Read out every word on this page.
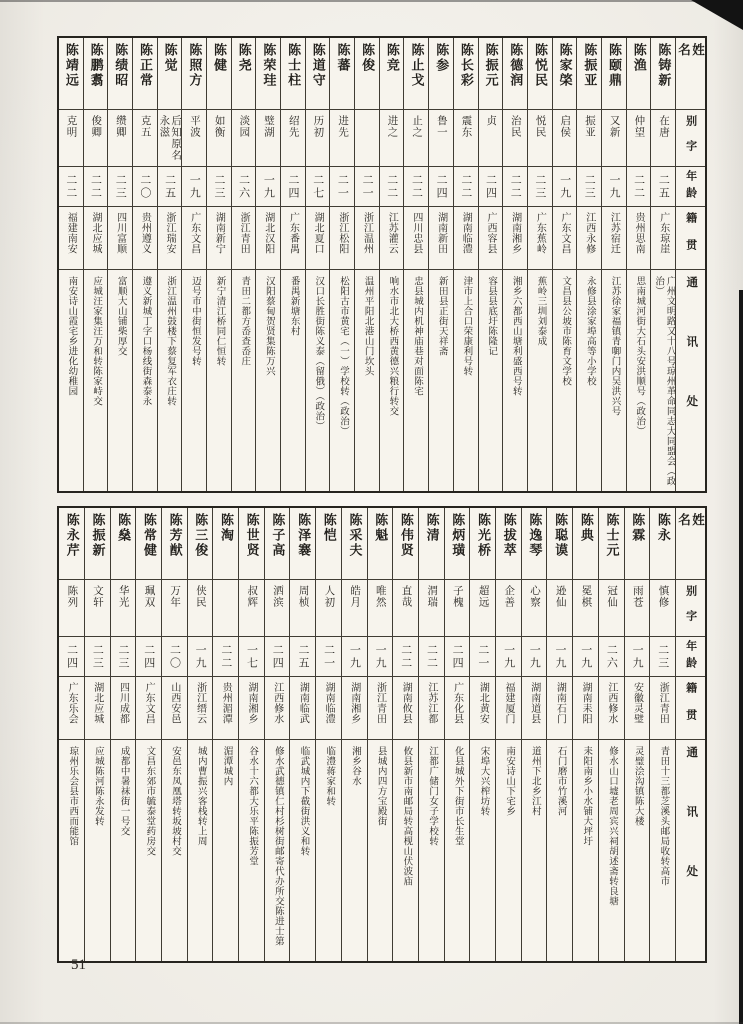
姓名
别字
年龄
籍贯
通讯处
陈铸新
在唐
二五
广东琼崖
广州文明路又十八号琼州革命同志大同盟会（政治）
陈渔
仲望
二二
贵州思南
思南城河街大石头安洪顺号（政治）
陈颐鼎
又新
一九
江苏宿迁
江苏徐家福镇青啣门内吴洪兴号
陈振亚
振亚
二三
江西永修
永修县涂家埠高等小学校
陈家棨
启侯
一九
广东文昌
文昌县公坡市陈育文学校
陈悦民
悦民
二三
广东蕉岭
蕉岭三圳刘泰成
陈德润
治民
二二
湖南湘乡
湘乡六都西山塘利盛西号转
陈振元
贞
二四
广西容县
容县县底圩陈隆记
陈长彩
震东
二二
湖南临澧
津市上合口荣康利号转
陈参
鲁一
二四
湖南新田
新田县正街天祥斋
陈止戈
止之
二二
四川忠县
忠县城内机神庙巷对面陈宅
陈竞
进之
二二
江苏灌云
响水市北大桥西黄德兴粮行转交
陈俊
二一
浙江温州
温州平阳北港山门坎头
陈蕃
进先
二一
浙江松阳
松阳古市黄宅（一）学校转（政治）
陈道守
历初
二七
湖北夏口
汉口长胜街陈义泰（留俄）（政治）
陈士柱
绍先
二四
广东番禺
番禺新塘东村
陈荣珪
璧湖
一九
湖北汉阳
汉阳蔡甸贺贤集陈万兴
陈尧
淡园
二六
浙江青田
青田二都方岙查岙庄
陈健
如衡
二三
湖南新宁
新宁清江桥同仁恒转
陈照方
平波
一九
广东文昌
迈号市中街恒发号转
陈觉
后知原名永滋
二五
浙江瑞安
浙江温州鼓楼下蔡复军衣庄转
陈正常
克五
二〇
贵州遵义
遵义新城丁字口杨线街森泰永
陈绩昭
缵卿
二三
四川富顺
富顺大山铺柴厚交
陈鹏翥
俊卿
二二
湖北应城
应城汪家集汪万和转陈家峙交
陈靖远
克明
二二
福建南安
南安诗山霞宅乡进化幼稚园
姓名
别字
年龄
籍贯
通讯处
陈永
慎修
二三
浙江青田
青田十三都芝溪头邮局收转高市
陈霖
雨苍
一九
安徽灵璧
灵璧浍沟镇陈大楼
陈士元
冠仙
二六
江西修水
修水山口墟老周宾兴祠胡述斋转良塘
陈典
冕棋
一九
湖南耒阳
耒阳南乡小水铺大坪圩
陈聪谟
逊仙
一九
湖南石门
石门磨市竹溪河
陈逸琴
心察
一九
湖南道县
道州下北乡江村
陈拔萃
企善
一九
福建厦门
南安诗山下宅乡
陈光桥
超远
二一
湖北黄安
宋埠大兴榨坊转
陈炳璜
子槐
二四
广东化县
化县城外下街市长生堂
陈清
渭瑞
二二
江苏江都
江都广储门女子学校转
陈伟贤
直哉
二二
湖南攸县
攸县新市南邮局转高枧山伏波庙
陈魁
唯然
一九
浙江青田
县城内四方宝殿街
陈采夫
皓月
一九
湖南湘乡
湘乡谷水
陈恺
人初
二一
湖南临澧
临澧蒋家和转
陈泽褰
周桢
二五
湖南临武
临武城内下截街洪义和转
陈子高
洒滨
二四
江西修水
修水武德镇仁村杉树街邮寄代办所交陈进士第
陈世贤
叔辉
一七
湖南湘乡
谷水十六都大乐平陈振芳堂
陈淘
二二
贵州湄潭
湄潭城内
陈三俊
侠民
一九
浙江缙云
城内曹振兴客栈转上周
陈芳猷
万年
二〇
山西安邑
安邑东凤凰塔转坂坡村交
陈常健
珮双
二四
广东文昌
文昌东郊市毓泰堂药房交
陈燊
华光
二三
四川成都
成都中暑袜街一号交
陈振新
文轩
二三
湖北应城
应城陈河陈永发转
陈永芹
陈列
二四
广东乐会
琼州乐会县市西而能馆
51
